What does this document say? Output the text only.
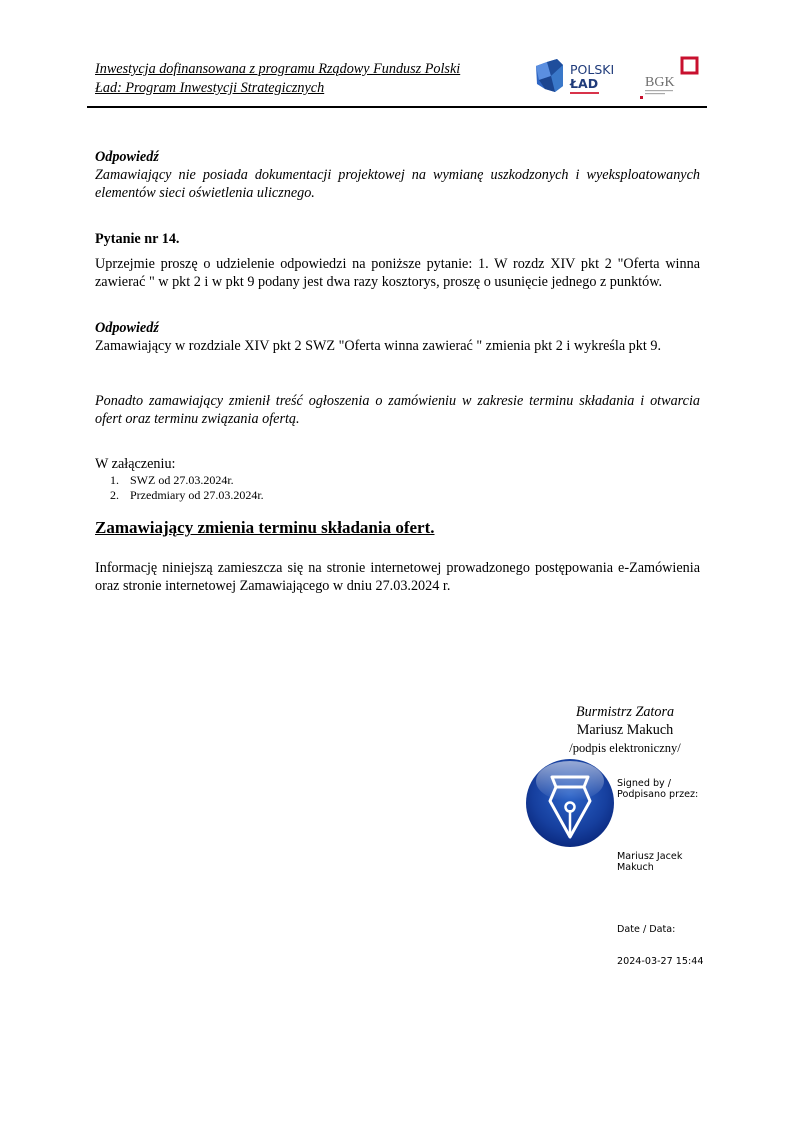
Inwestycja dofinansowana z programu Rządowy Fundusz Polski
Ład: Program Inwestycji Strategicznych
POLSKI
ŁAD	BGK
Odpowiedź
Zamawiający nie posiada dokumentacji projektowej na wymianę uszkodzonych i wyeksploatowanych elementów sieci oświetlenia ulicznego.
Pytanie nr 14.
Uprzejmie proszę o udzielenie odpowiedzi na poniższe pytanie: 1. W rozdz XIV pkt 2 "Oferta winna zawierać " w pkt 2 i w pkt 9 podany jest dwa razy kosztorys, proszę o usunięcie jednego z punktów.
Odpowiedź
Zamawiający w rozdziale XIV pkt 2 SWZ "Oferta winna zawierać " zmienia pkt 2 i wykreśla pkt 9.
Ponadto zamawiający zmienił treść ogłoszenia o zamówieniu w zakresie terminu składania i otwarcia ofert oraz terminu związania ofertą.
W załączeniu:
1. SWZ od 27.03.2024r.
2. Przedmiary od 27.03.2024r.
Zamawiający zmienia terminu składania ofert.
Informację niniejszą zamieszcza się na stronie internetowej prowadzonego postępowania e-Zamówienia oraz stronie internetowej Zamawiającego w dniu 27.03.2024 r.
Burmistrz Zatora
Mariusz Makuch
/podpis elektroniczny/

Signed by /
Podpisano przez:

Mariusz Jacek
Makuch

Date / Data:

2024-03-27 15:44
